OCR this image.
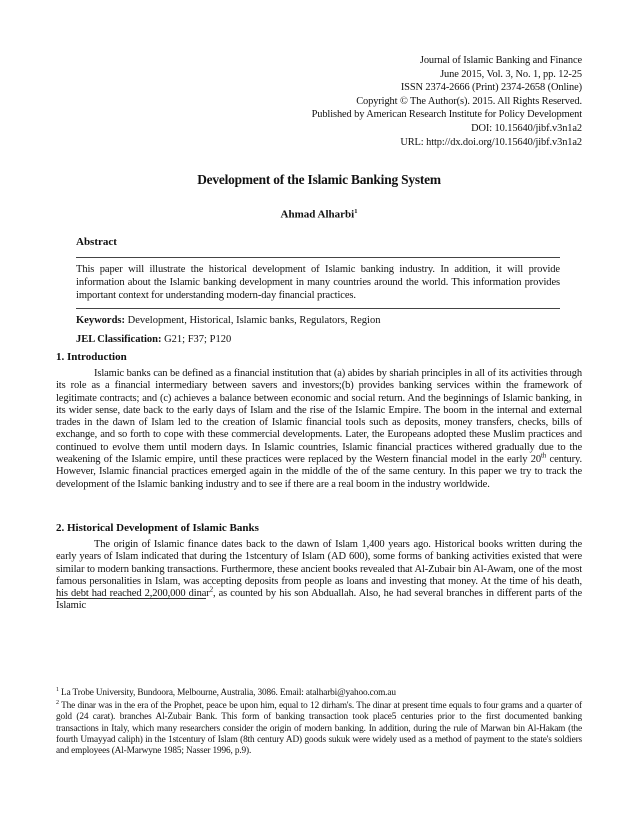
Journal of Islamic Banking and Finance
June 2015, Vol. 3, No. 1, pp. 12-25
ISSN 2374-2666 (Print) 2374-2658 (Online)
Copyright © The Author(s). 2015. All Rights Reserved.
Published by American Research Institute for Policy Development
DOI: 10.15640/jibf.v3n1a2
URL: http://dx.doi.org/10.15640/jibf.v3n1a2
Development of the Islamic Banking System
Ahmad Alharbi$^1$
Abstract
This paper will illustrate the historical development of Islamic banking industry. In addition, it will provide information about the Islamic banking development in many countries around the world. This information provides important context for understanding modern-day financial practices.
Keywords: Development, Historical, Islamic banks, Regulators, Region
JEL Classification: G21; F37; P120
1. Introduction
Islamic banks can be defined as a financial institution that (a) abides by shariah principles in all of its activities through its role as a financial intermediary between savers and investors;(b) provides banking services within the framework of legitimate contracts; and (c) achieves a balance between economic and social return. And the beginnings of Islamic banking, in its wider sense, date back to the early days of Islam and the rise of the Islamic Empire. The boom in the internal and external trades in the dawn of Islam led to the creation of Islamic financial tools such as deposits, money transfers, checks, bills of exchange, and so forth to cope with these commercial developments. Later, the Europeans adopted these Muslim practices and continued to evolve them until modern days. In Islamic countries, Islamic financial practices withered gradually due to the weakening of the Islamic empire, until these practices were replaced by the Western financial model in the early 20th century. However, Islamic financial practices emerged again in the middle of the of the same century. In this paper we try to track the development of the Islamic banking industry and to see if there are a real boom in the industry worldwide.
2. Historical Development of Islamic Banks
The origin of Islamic finance dates back to the dawn of Islam 1,400 years ago. Historical books written during the early years of Islam indicated that during the 1stcentury of Islam (AD 600), some forms of banking activities existed that were similar to modern banking transactions. Furthermore, these ancient books revealed that Al-Zubair bin Al-Awam, one of the most famous personalities in Islam, was accepting deposits from people as loans and investing that money. At the time of his death, his debt had reached 2,200,000 dinar$^2$, as counted by his son Abduallah. Also, he had several branches in different parts of the Islamic
$^1$ La Trobe University, Bundoora, Melbourne, Australia, 3086. Email: atalharbi@yahoo.com.au
$^2$ The dinar was in the era of the Prophet, peace be upon him, equal to 12 dirham's. The dinar at present time equals to four grams and a quarter of gold (24 carat). branches Al-Zubair Bank. This form of banking transaction took place5 centuries prior to the first documented banking transactions in Italy, which many researchers consider the origin of modern banking. In addition, during the rule of Marwan bin Al-Hakam (the fourth Umayyad caliph) in the 1stcentury of Islam (8th century AD) goods sukuk were widely used as a method of payment to the state's soldiers and employees (Al-Marwyne 1985; Nasser 1996, p.9).
